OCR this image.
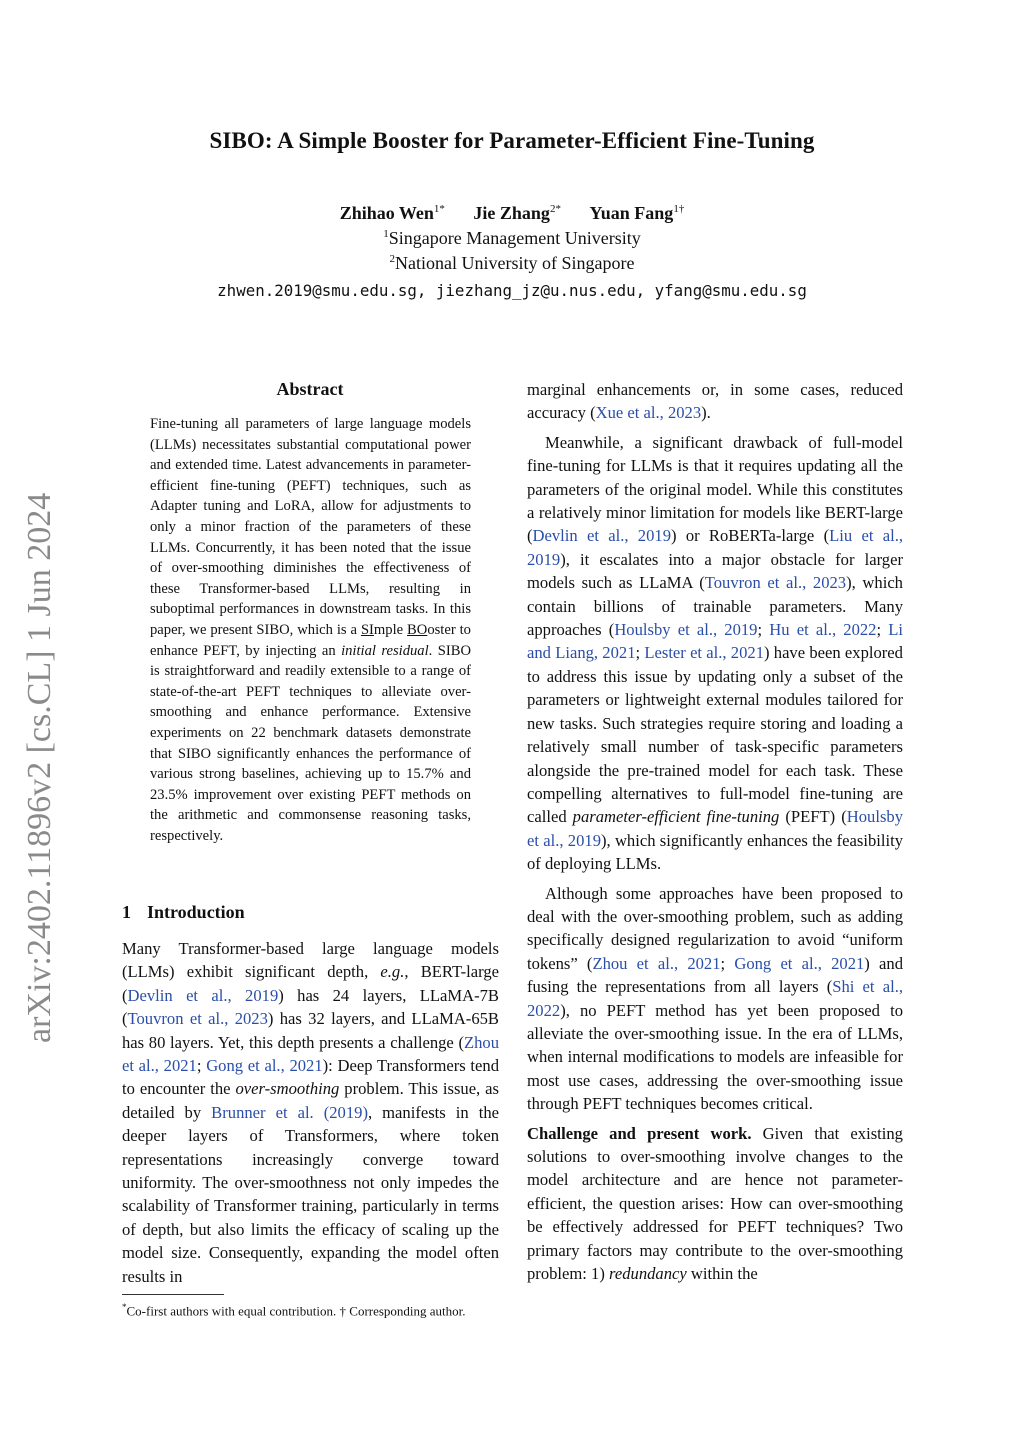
SIBO: A Simple Booster for Parameter-Efficient Fine-Tuning
Zhihao Wen$^{1*}$ Jie Zhang$^{2*}$ Yuan Fang$^{1\dagger}$
$^1$Singapore Management University
$^2$National University of Singapore
zhwen.2019@smu.edu.sg, jiezhang_jz@u.nus.edu, yfang@smu.edu.sg
arXiv:2402.11896v2 [cs.CL] 1 Jun 2024
Abstract
Fine-tuning all parameters of large language models (LLMs) necessitates substantial computational power and extended time. Latest advancements in parameter-efficient fine-tuning (PEFT) techniques, such as Adapter tuning and LoRA, allow for adjustments to only a minor fraction of the parameters of these LLMs. Concurrently, it has been noted that the issue of over-smoothing diminishes the effectiveness of these Transformer-based LLMs, resulting in suboptimal performances in downstream tasks. In this paper, we present SIBO, which is a SImple BOoster to enhance PEFT, by injecting an initial residual. SIBO is straightforward and readily extensible to a range of state-of-the-art PEFT techniques to alleviate over-smoothing and enhance performance. Extensive experiments on 22 benchmark datasets demonstrate that SIBO significantly enhances the performance of various strong baselines, achieving up to 15.7% and 23.5% improvement over existing PEFT methods on the arithmetic and commonsense reasoning tasks, respectively.
1 Introduction

Many Transformer-based large language models (LLMs) exhibit significant depth, e.g., BERT-large (Devlin et al., 2019) has 24 layers, LLaMA-7B (Touvron et al., 2023) has 32 layers, and LLaMA-65B has 80 layers. Yet, this depth presents a challenge (Zhou et al., 2021; Gong et al., 2021): Deep Transformers tend to encounter the over-smoothing problem. This issue, as detailed by Brunner et al. (2019), manifests in the deeper layers of Transformers, where token representations increasingly converge toward uniformity. The over-smoothness not only impedes the scalability of Transformer training, particularly in terms of depth, but also limits the efficacy of scaling up the model size. Consequently, expanding the model often results in

*Co-first authors with equal contribution. † Corresponding author.

marginal enhancements or, in some cases, reduced accuracy (Xue et al., 2023).

Meanwhile, a significant drawback of full-model fine-tuning for LLMs is that it requires updating all the parameters of the original model. While this constitutes a relatively minor limitation for models like BERT-large (Devlin et al., 2019) or RoBERTa-large (Liu et al., 2019), it escalates into a major obstacle for larger models such as LLaMA (Touvron et al., 2023), which contain billions of trainable parameters. Many approaches (Houlsby et al., 2019; Hu et al., 2022; Li and Liang, 2021; Lester et al., 2021) have been explored to address this issue by updating only a subset of the parameters or lightweight external modules tailored for new tasks. Such strategies require storing and loading a relatively small number of task-specific parameters alongside the pre-trained model for each task. These compelling alternatives to full-model fine-tuning are called parameter-efficient fine-tuning (PEFT) (Houlsby et al., 2019), which significantly enhances the feasibility of deploying LLMs.

Although some approaches have been proposed to deal with the over-smoothing problem, such as adding specifically designed regularization to avoid “uniform tokens” (Zhou et al., 2021; Gong et al., 2021) and fusing the representations from all layers (Shi et al., 2022), no PEFT method has yet been proposed to alleviate the over-smoothing issue. In the era of LLMs, when internal modifications to models are infeasible for most use cases, addressing the over-smoothing issue through PEFT techniques becomes critical.

Challenge and present work. Given that existing solutions to over-smoothing involve changes to the model architecture and are hence not parameter-efficient, the question arises: How can over-smoothing be effectively addressed for PEFT techniques? Two primary factors may contribute to the over-smoothing problem: 1) redundancy within the
